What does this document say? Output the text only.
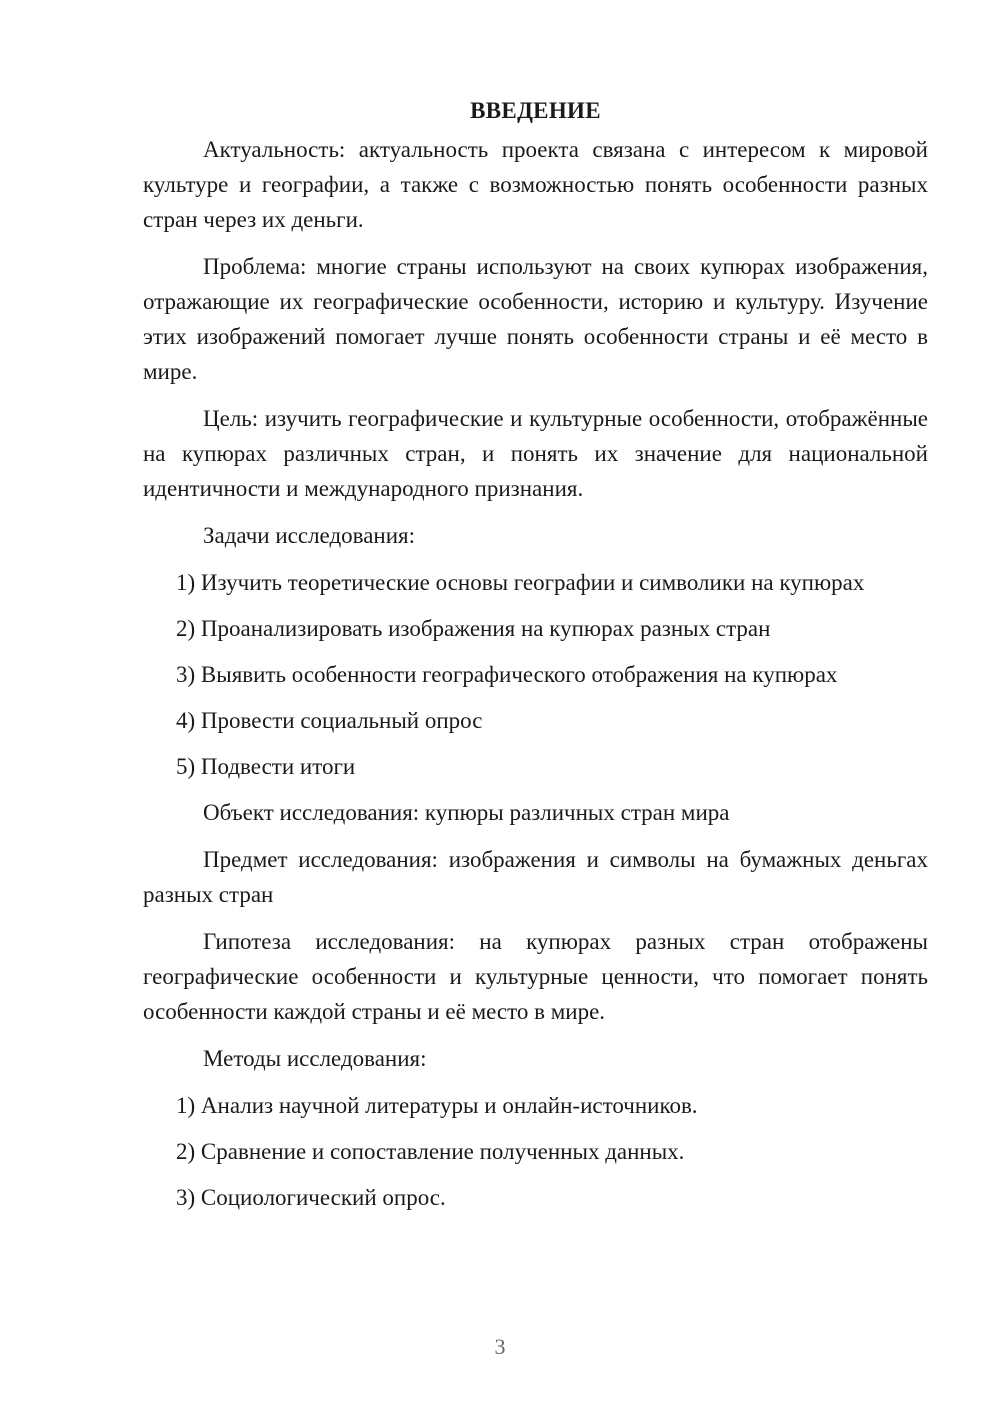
ВВЕДЕНИЕ

Актуальность: актуальность проекта связана с интересом к мировой культуре и географии, а также с возможностью понять особенности разных стран через их деньги.

Проблема: многие страны используют на своих купюрах изображения, отражающие их географические особенности, историю и культуру. Изучение этих изображений помогает лучше понять особенности страны и её место в мире.

Цель: изучить географические и культурные особенности, отображённые на купюрах различных стран, и понять их значение для национальной идентичности и международного признания.

Задачи исследования:

1) Изучить теоретические основы географии и символики на купюрах
2) Проанализировать изображения на купюрах разных стран
3) Выявить особенности географического отображения на купюрах
4) Провести социальный опрос
5) Подвести итоги

Объект исследования: купюры различных стран мира

Предмет исследования: изображения и символы на бумажных деньгах разных стран

Гипотеза исследования: на купюрах разных стран отображены географические особенности и культурные ценности, что помогает понять особенности каждой страны и её место в мире.

Методы исследования:

1) Анализ научной литературы и онлайн-источников.
2) Сравнение и сопоставление полученных данных.
3) Социологический опрос.
3
